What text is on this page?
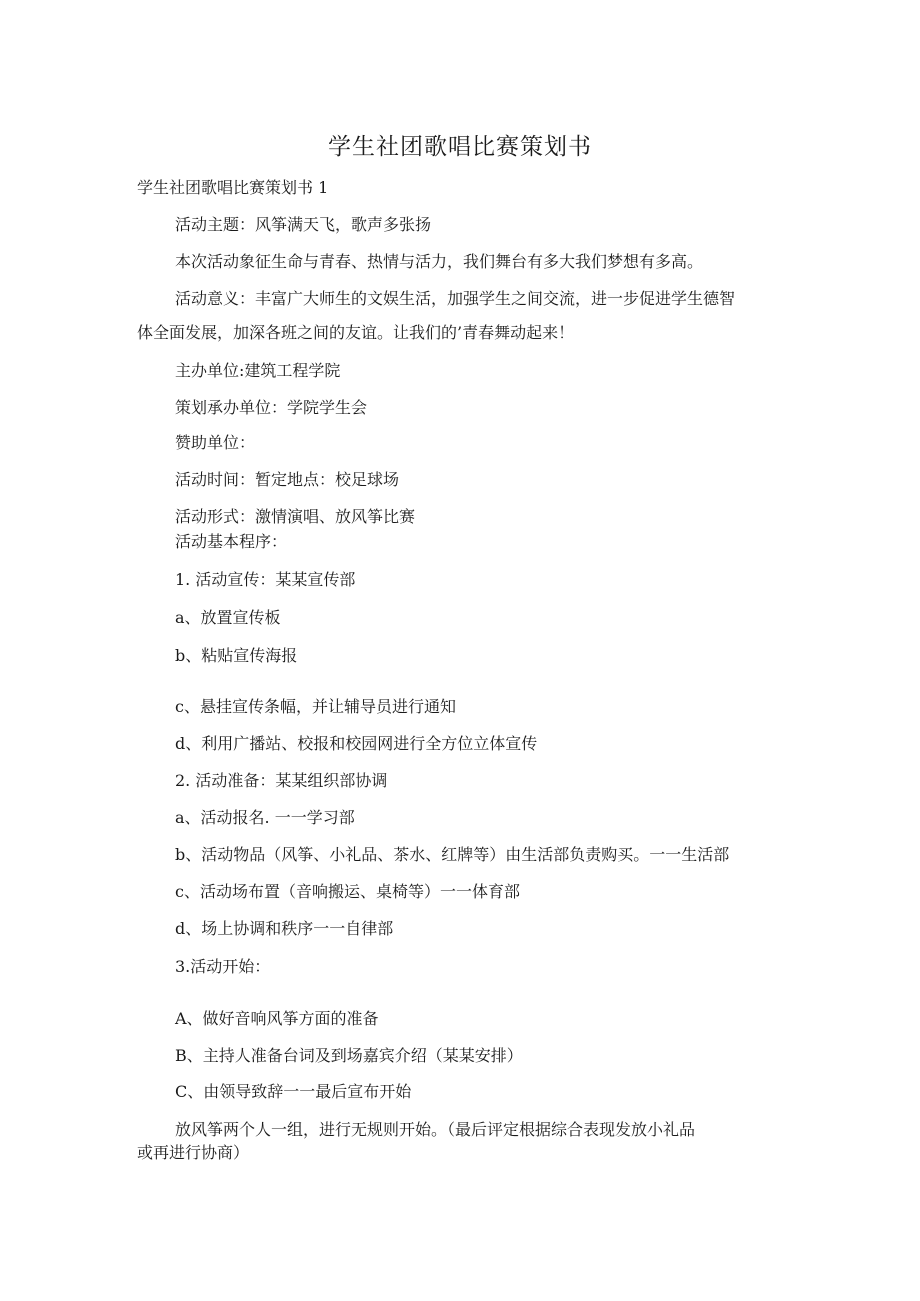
学生社团歌唱比赛策划书
学生社团歌唱比赛策划书 1
活动主题：风筝满天飞，歌声多张扬
本次活动象征生命与青春、热情与活力，我们舞台有多大我们梦想有多高。
活动意义：丰富广大师生的文娱生活，加强学生之间交流，进一步促进学生德智
体全面发展，加深各班之间的友谊。让我们的’青春舞动起来！
主办单位:建筑工程学院
策划承办单位：学院学生会
赞助单位：
活动时间：暂定地点：校足球场
活动形式：激情演唱、放风筝比赛
活动基本程序：
1. 活动宣传：某某宣传部
a、放置宣传板
b、粘贴宣传海报
c、悬挂宣传条幅，并让辅导员进行通知
d、利用广播站、校报和校园网进行全方位立体宣传
2. 活动准备：某某组织部协调
a、活动报名. 一一学习部
b、活动物品（风筝、小礼品、茶水、红牌等）由生活部负责购买。一一生活部
c、活动场布置（音响搬运、桌椅等）一一体育部
d、场上协调和秩序一一自律部
3.活动开始：
A、做好音响风筝方面的准备
B、主持人准备台词及到场嘉宾介绍（某某安排）
C、由领导致辞一一最后宣布开始
放风筝两个人一组，进行无规则开始。（最后评定根据综合表现发放小礼品
或再进行协商）
